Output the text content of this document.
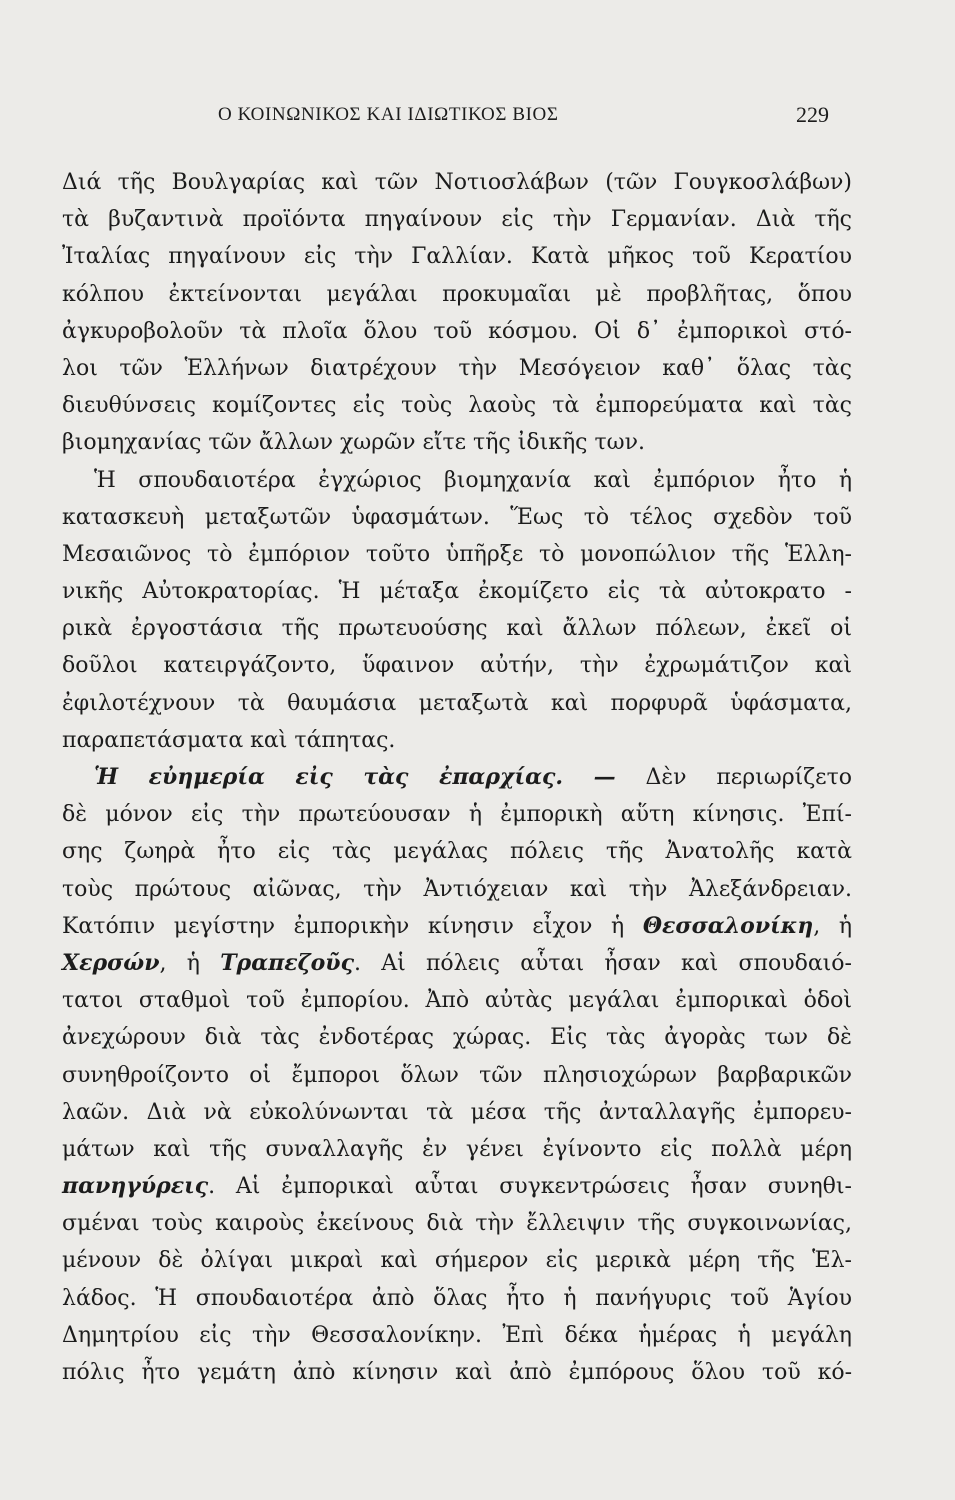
Ο ΚΟΙΝΩΝΙΚΟΣ ΚΑΙ ΙΔΙΩΤΙΚΟΣ ΒΙΟΣ	229
Διά τῆς Βουλγαρίας καὶ τῶν Νοτιοσλάβων (τῶν Γουγκοσλάβων)
τὰ βυζαντινὰ προϊόντα πηγαίνουν εἰς τὴν Γερμανίαν. Διὰ τῆς
Ἰταλίας πηγαίνουν εἰς τὴν Γαλλίαν. Κατὰ μῆκος τοῦ Κερατίου
κόλπου ἐκτείνονται μεγάλαι προκυμαῖαι μὲ προβλῆτας, ὅπου
ἀγκυροβολοῦν τὰ πλοῖα ὅλου τοῦ κόσμου. Οἱ δ᾿ ἐμπορικοὶ στό-
λοι τῶν Ἑλλήνων διατρέχουν τὴν Μεσόγειον καθ᾿ ὅλας τὰς
διευθύνσεις κομίζοντες εἰς τοὺς λαοὺς τὰ ἐμπορεύματα καὶ τὰς
βιομηχανίας τῶν ἄλλων χωρῶν εἴτε τῆς ἰδικῆς των.
Ἡ σπουδαιοτέρα ἐγχώριος βιομηχανία καὶ ἐμπόριον ἦτο ἡ
κατασκευὴ μεταξωτῶν ὑφασμάτων. Ἕως τὸ τέλος σχεδὸν τοῦ
Μεσαιῶνος τὸ ἐμπόριον τοῦτο ὑπῆρξε τὸ μονοπώλιον τῆς Ἑλλη-
νικῆς Αὐτοκρατορίας. Ἡ μέταξα ἐκομίζετο εἰς τὰ αὐτοκρατο -
ρικὰ ἐργοστάσια τῆς πρωτευούσης καὶ ἄλλων πόλεων, ἐκεῖ οἱ
δοῦλοι κατειργάζοντο, ὕφαινον αὐτήν, τὴν ἐχρωμάτιζον καὶ
ἐφιλοτέχνουν τὰ θαυμάσια μεταξωτὰ καὶ πορφυρᾶ ὑφάσματα,
παραπετάσματα καὶ τάπητας.
Ἡ εὐημερία εἰς τὰς ἐπαρχίας. — Δὲν περιωρίζετο
δὲ μόνον εἰς τὴν πρωτεύουσαν ἡ ἐμπορικὴ αὕτη κίνησις. Ἐπί-
σης ζωηρὰ ἦτο εἰς τὰς μεγάλας πόλεις τῆς Ἀνατολῆς κατὰ
τοὺς πρώτους αἰῶνας, τὴν Ἀντιόχειαν καὶ τὴν Ἀλεξάνδρειαν.
Κατόπιν μεγίστην ἐμπορικὴν κίνησιν εἶχον ἡ Θεσσαλονίκη, ἡ
Χερσών, ἡ Τραπεζοῦς. Αἱ πόλεις αὗται ἦσαν καὶ σπουδαιό-
τατοι σταθμοὶ τοῦ ἐμπορίου. Ἀπὸ αὐτὰς μεγάλαι ἐμπορικαὶ ὁδοὶ
ἀνεχώρουν διὰ τὰς ἐνδοτέρας χώρας. Εἰς τὰς ἀγορὰς των δὲ
συνηθροίζοντο οἱ ἔμποροι ὅλων τῶν πλησιοχώρων βαρβαρικῶν
λαῶν. Διὰ νὰ εὐκολύνωνται τὰ μέσα τῆς ἀνταλλαγῆς ἐμπορευ-
μάτων καὶ τῆς συναλλαγῆς ἐν γένει ἐγίνοντο εἰς πολλὰ μέρη
πανηγύρεις. Αἱ ἐμπορικαὶ αὗται συγκεντρώσεις ἦσαν συνηθι-
σμέναι τοὺς καιροὺς ἐκείνους διὰ τὴν ἔλλειψιν τῆς συγκοινωνίας,
μένουν δὲ ὀλίγαι μικραὶ καὶ σήμερον εἰς μερικὰ μέρη τῆς Ἑλ-
λάδος. Ἡ σπουδαιοτέρα ἀπὸ ὅλας ἦτο ἡ πανήγυρις τοῦ Ἁγίου
Δημητρίου εἰς τὴν Θεσσαλονίκην. Ἐπὶ δέκα ἡμέρας ἡ μεγάλη
πόλις ἦτο γεμάτη ἀπὸ κίνησιν καὶ ἀπὸ ἐμπόρους ὅλου τοῦ κό-
